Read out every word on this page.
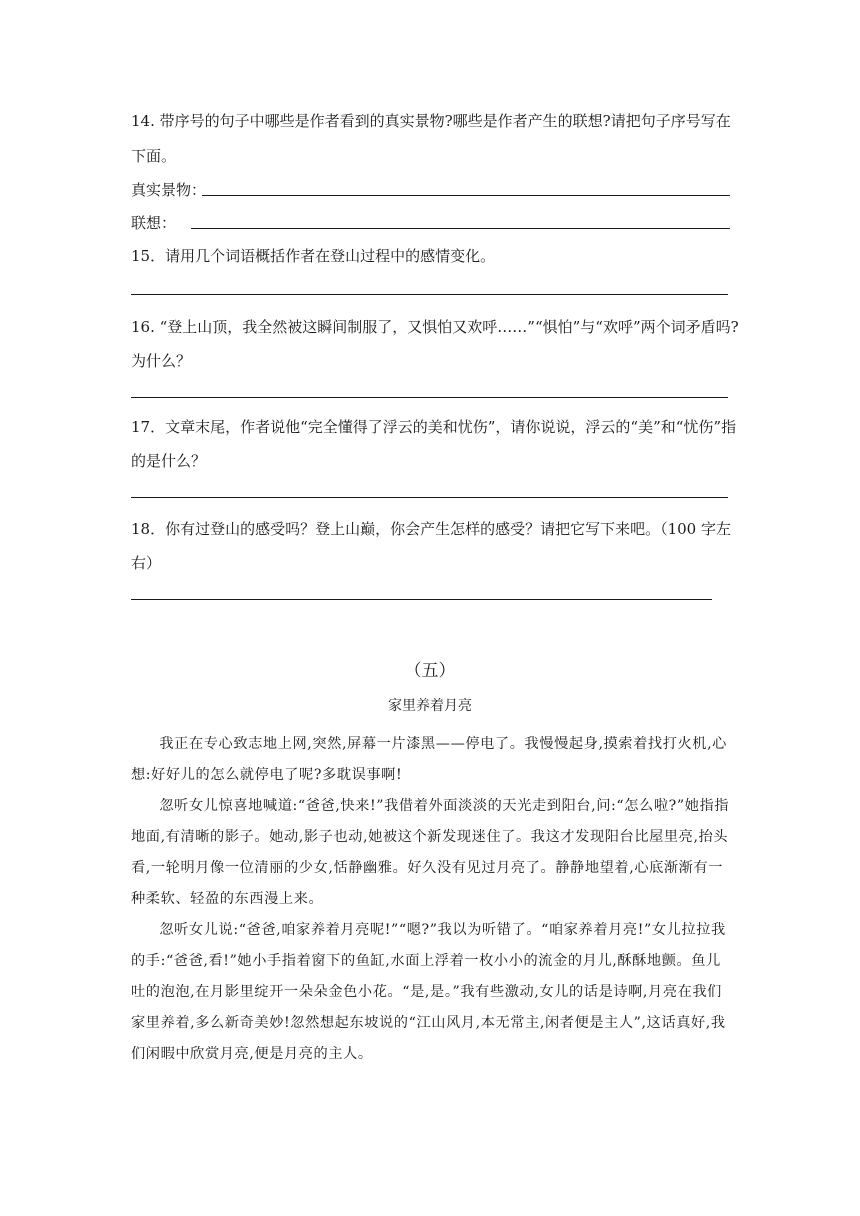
14. 带序号的句子中哪些是作者看到的真实景物?哪些是作者产生的联想?请把句子序号写在
下面。
真实景物：
联想：
15．请用几个词语概括作者在登山过程中的感情变化。
16. “登上山顶，我全然被这瞬间制服了，又惧怕又欢呼……”“惧怕”与“欢呼”两个词矛盾吗?
为什么？
17．文章末尾，作者说他“完全懂得了浮云的美和忧伤”，请你说说，浮云的“美”和“忧伤”指
的是什么？
18．你有过登山的感受吗？登上山巅，你会产生怎样的感受？请把它写下来吧。（100 字左
右）
（五）
家里养着月亮

我正在专心致志地上网,突然,屏幕一片漆黑——停电了。我慢慢起身,摸索着找打火机,心想:好好儿的怎么就停电了呢?多耽误事啊!

忽听女儿惊喜地喊道:“爸爸,快来!”我借着外面淡淡的天光走到阳台,问:“怎么啦?”她指指地面,有清晰的影子。她动,影子也动,她被这个新发现迷住了。我这才发现阳台比屋里亮,抬头看,一轮明月像一位清丽的少女,恬静幽雅。好久没有见过月亮了。静静地望着,心底渐渐有一种柔软、轻盈的东西漫上来。

忽听女儿说:“爸爸,咱家养着月亮呢!”“嗯?”我以为听错了。“咱家养着月亮!”女儿拉拉我的手:“爸爸,看!”她小手指着窗下的鱼缸,水面上浮着一枚小小的流金的月儿,酥酥地颤。鱼儿吐的泡泡,在月影里绽开一朵朵金色小花。“是,是。”我有些激动,女儿的话是诗啊,月亮在我们家里养着,多么新奇美妙!忽然想起东坡说的“江山风月,本无常主,闲者便是主人”,这话真好,我们闲暇中欣赏月亮,便是月亮的主人。
